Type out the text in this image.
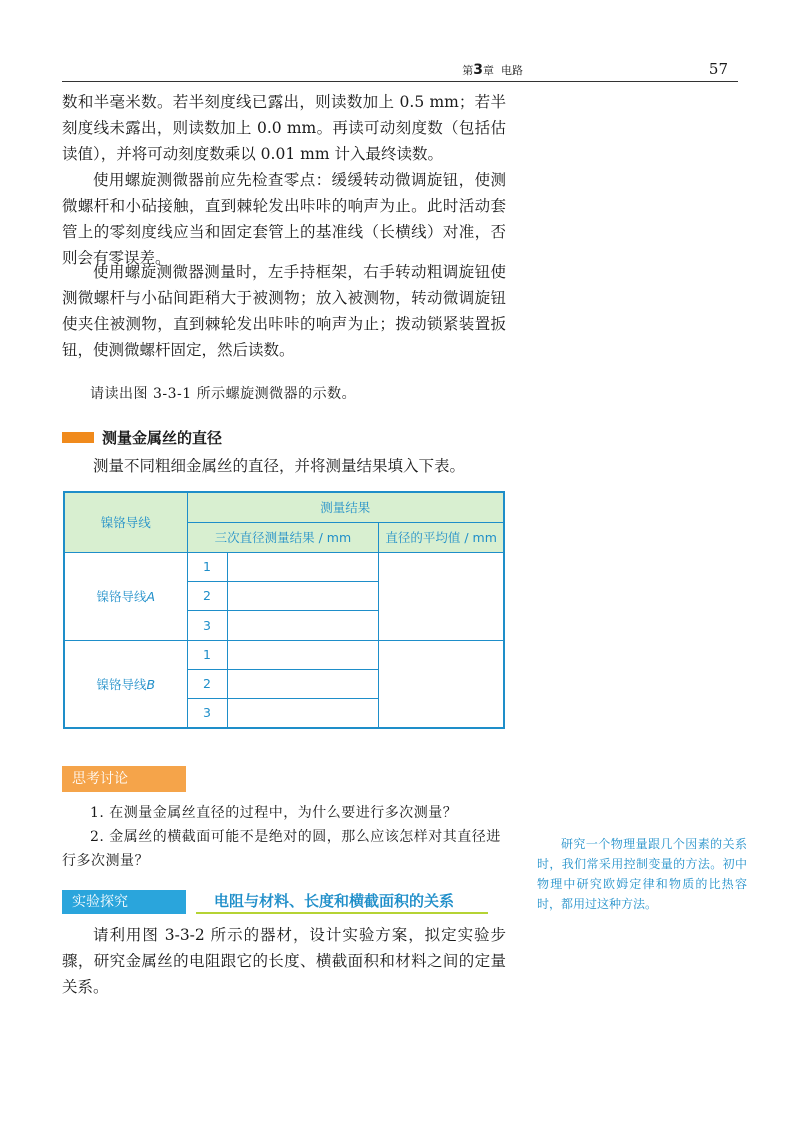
第3章 电路	57

数和半毫米数。若半刻度线已露出，则读数加上 0.5 mm；若半刻度线未露出，则读数加上 0.0 mm。再读可动刻度数（包括估读值），并将可动刻度数乘以 0.01 mm 计入最终读数。

使用螺旋测微器前应先检查零点：缓缓转动微调旋钮，使测微螺杆和小砧接触，直到棘轮发出咔咔的响声为止。此时活动套管上的零刻度线应当和固定套管上的基准线（长横线）对准，否则会有零误差。

使用螺旋测微器测量时，左手持框架，右手转动粗调旋钮使测微螺杆与小砧间距稍大于被测物；放入被测物，转动微调旋钮使夹住被测物，直到棘轮发出咔咔的响声为止；拨动锁紧装置扳钮，使测微螺杆固定，然后读数。

请读出图 3-3-1 所示螺旋测微器的示数。

测量金属丝的直径

测量不同粗细金属丝的直径，并将测量结果填入下表。

镍铬导线	测量结果		
	三次直径测量结果 / mm		直径的平均值 / mm
镍铬导线A	1		
	2		
	3		
镍铬导线B	1		
	2		
	3		
思考讨论

1. 在测量金属丝直径的过程中，为什么要进行多次测量？

2. 金属丝的横截面可能不是绝对的圆，那么应该怎样对其直径进行多次测量？

研究一个物理量跟几个因素的关系时，我们常采用控制变量的方法。初中物理中研究欧姆定律和物质的比热容时，都用过这种方法。
实验探究	电阻与材料、长度和横截面积的关系

请利用图 3-3-2 所示的器材，设计实验方案，拟定实验步骤，研究金属丝的电阻跟它的长度、横截面积和材料之间的定量关系。
